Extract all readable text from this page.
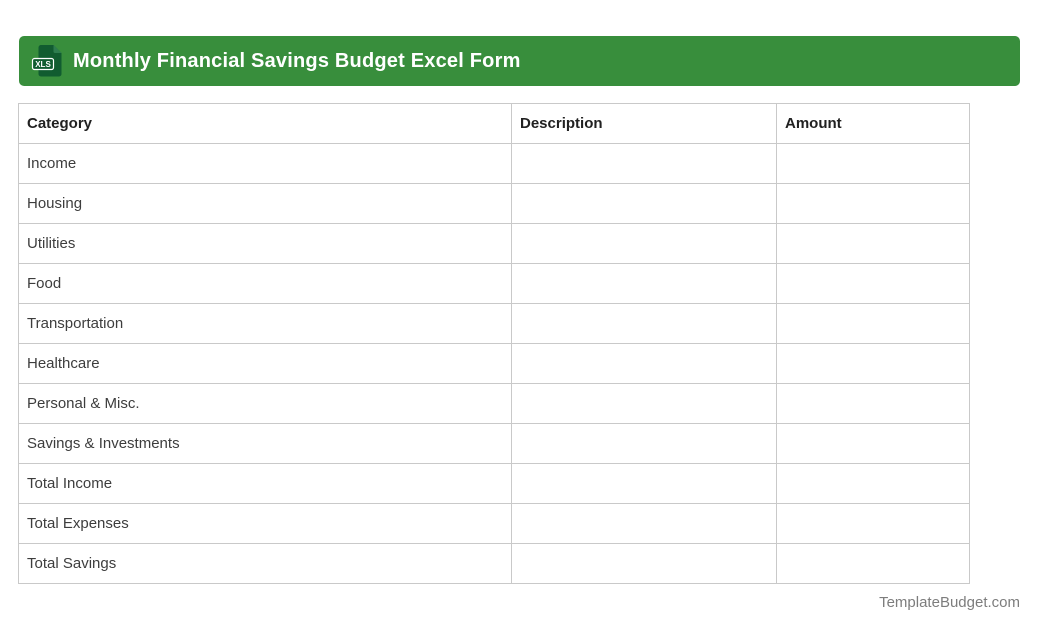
XLS Monthly Financial Savings Budget Excel Form
Category	Description	Amount
Income		
Housing		
Utilities		
Food		
Transportation		
Healthcare		
Personal & Misc.		
Savings & Investments		
Total Income		
Total Expenses		
Total Savings		
TemplateBudget.com
